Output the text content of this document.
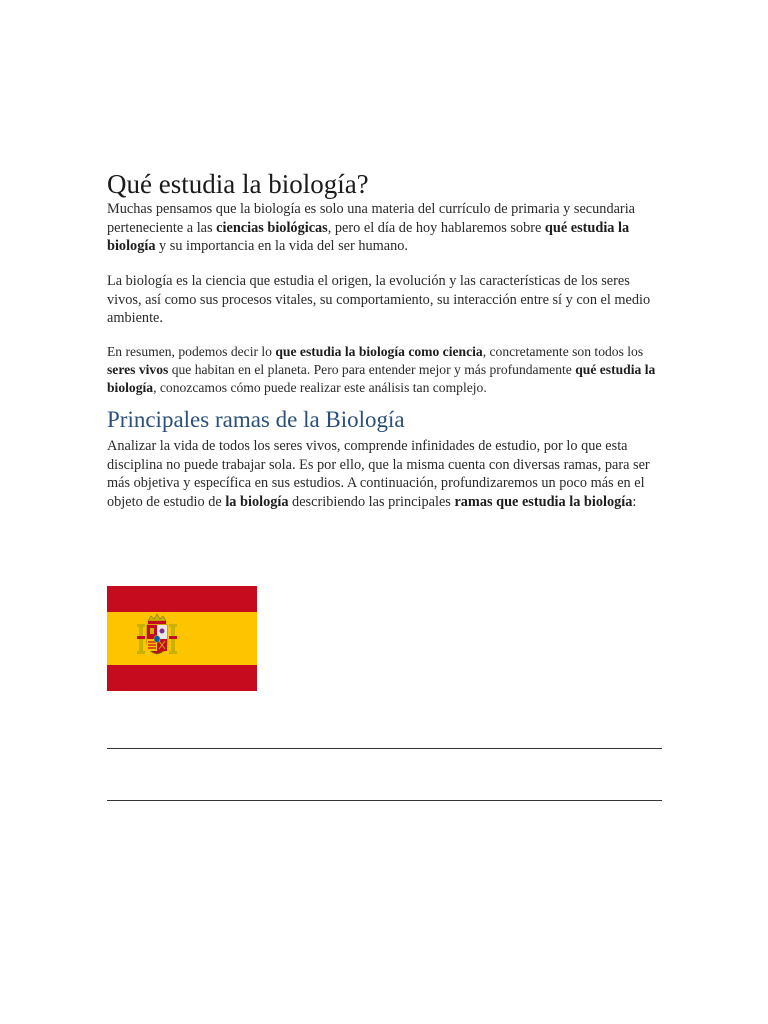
Qué estudia la biología?

Muchas pensamos que la biología es solo una materia del currículo de primaria y secundaria perteneciente a las ciencias biológicas, pero el día de hoy hablaremos sobre qué estudia la biología y su importancia en la vida del ser humano.

La biología es la ciencia que estudia el origen, la evolución y las características de los seres vivos, así como sus procesos vitales, su comportamiento, su interacción entre sí y con el medio ambiente.

En resumen, podemos decir lo que estudia la biología como ciencia, concretamente son todos los seres vivos que habitan en el planeta. Pero para entender mejor y más profundamente qué estudia la biología, conozcamos cómo puede realizar este análisis tan complejo.

Principales ramas de la Biología

Analizar la vida de todos los seres vivos, comprende infinidades de estudio, por lo que esta disciplina no puede trabajar sola. Es por ello, que la misma cuenta con diversas ramas, para ser más objetiva y específica en sus estudios. A continuación, profundizaremos un poco más en el objeto de estudio de la biología describiendo las principales ramas que estudia la biología:
